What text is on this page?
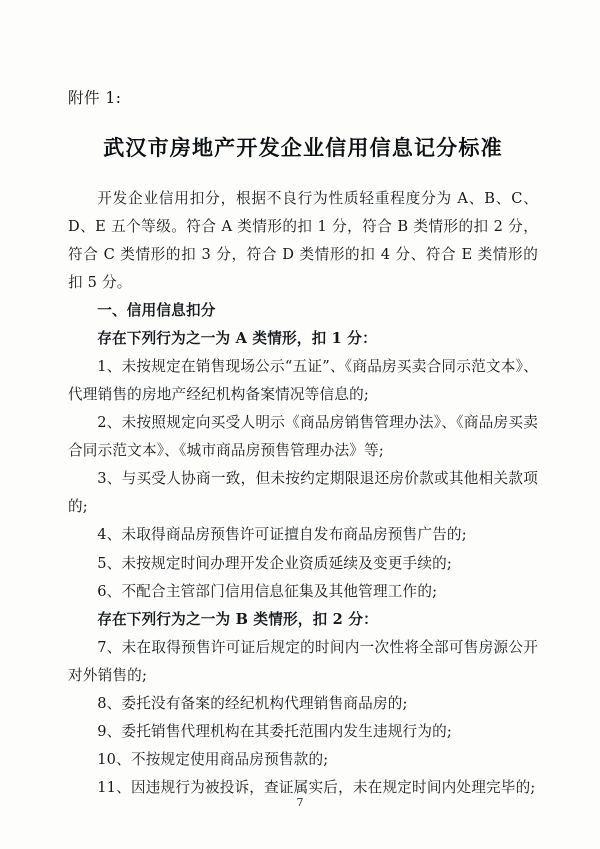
附件 1:
武汉市房地产开发企业信用信息记分标准

开发企业信用扣分，根据不良行为性质轻重程度分为 A、B、C、D、E 五个等级。符合 A 类情形的扣 1 分，符合 B 类情形的扣 2 分，符合 C 类情形的扣 3 分，符合 D 类情形的扣 4 分、符合 E 类情形的扣 5 分。

一、信用信息扣分

存在下列行为之一为 A 类情形，扣 1 分：

1、未按规定在销售现场公示“五证”、《商品房买卖合同示范文本》、代理销售的房地产经纪机构备案情况等信息的;

2、未按照规定向买受人明示《商品房销售管理办法》、《商品房买卖合同示范文本》、《城市商品房预售管理办法》等;

3、与买受人协商一致，但未按约定期限退还房价款或其他相关款项的;

4、未取得商品房预售许可证擅自发布商品房预售广告的;

5、未按规定时间办理开发企业资质延续及变更手续的;

6、不配合主管部门信用信息征集及其他管理工作的;

存在下列行为之一为 B 类情形，扣 2 分：

7、未在取得预售许可证后规定的时间内一次性将全部可售房源公开对外销售的;

8、委托没有备案的经纪机构代理销售商品房的;

9、委托销售代理机构在其委托范围内发生违规行为的;

10、不按规定使用商品房预售款的;

11、因违规行为被投诉，查证属实后，未在规定时间内处理完毕的;

7
